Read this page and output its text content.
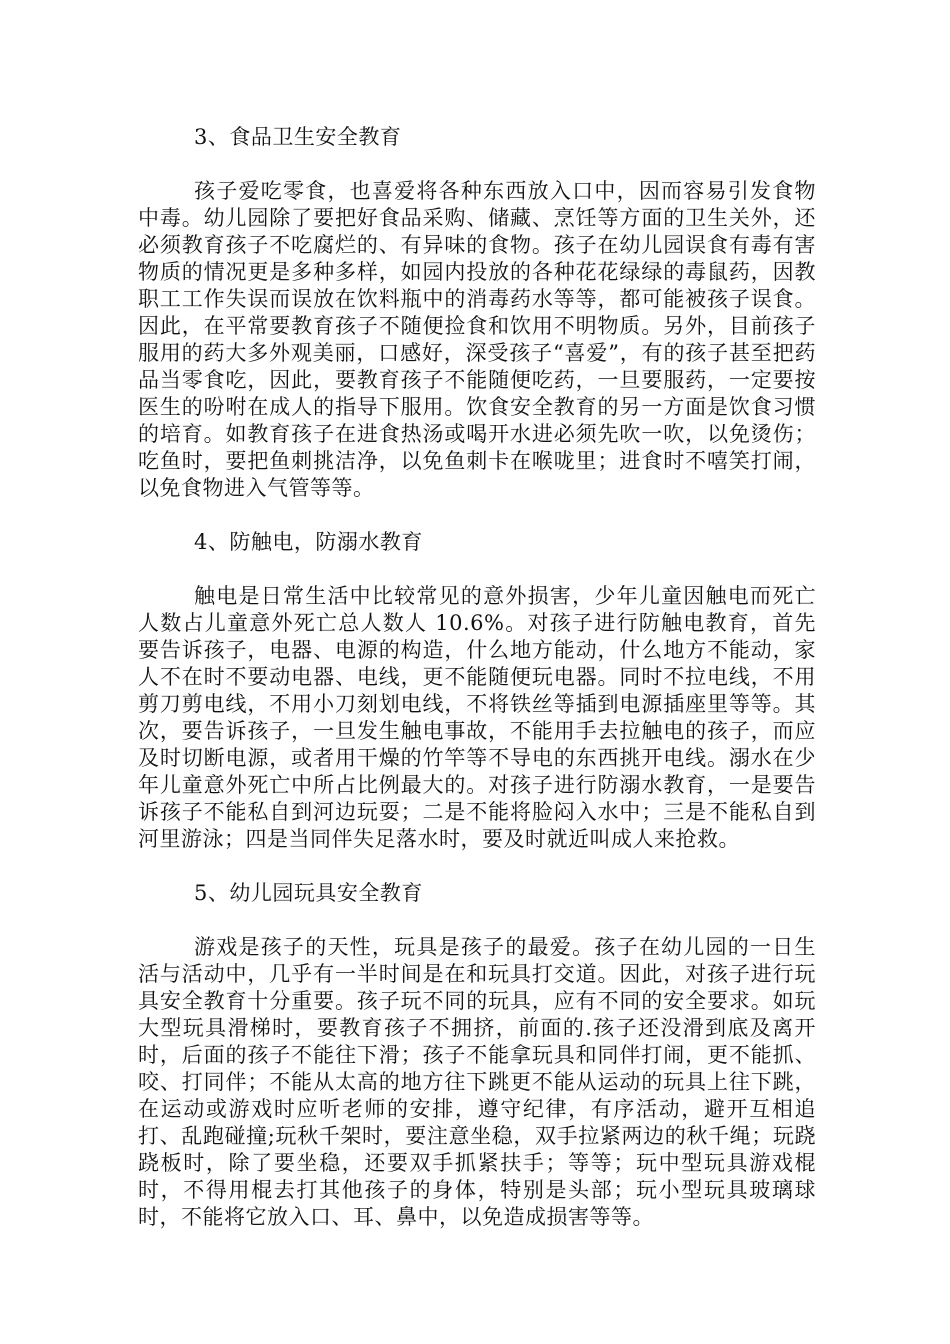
3、食品卫生安全教育

孩子爱吃零食，也喜爱将各种东西放入口中，因而容易引发食物中毒。幼儿园除了要把好食品采购、储藏、烹饪等方面的卫生关外，还必须教育孩子不吃腐烂的、有异味的食物。孩子在幼儿园误食有毒有害物质的情况更是多种多样，如园内投放的各种花花绿绿的毒鼠药，因教职工工作失误而误放在饮料瓶中的消毒药水等等，都可能被孩子误食。因此，在平常要教育孩子不随便捡食和饮用不明物质。另外，目前孩子服用的药大多外观美丽，口感好，深受孩子“喜爱”，有的孩子甚至把药品当零食吃，因此，要教育孩子不能随便吃药，一旦要服药，一定要按医生的吩咐在成人的指导下服用。饮食安全教育的另一方面是饮食习惯的培育。如教育孩子在进食热汤或喝开水进必须先吹一吹，以免烫伤；吃鱼时，要把鱼刺挑洁净，以免鱼刺卡在喉咙里；进食时不嘻笑打闹，以免食物进入气管等等。

4、防触电，防溺水教育

触电是日常生活中比较常见的意外损害，少年儿童因触电而死亡人数占儿童意外死亡总人数人 10.6%。对孩子进行防触电教育，首先要告诉孩子，电器、电源的构造，什么地方能动，什么地方不能动，家人不在时不要动电器、电线，更不能随便玩电器。同时不拉电线，不用剪刀剪电线，不用小刀刻划电线，不将铁丝等插到电源插座里等等。其次，要告诉孩子，一旦发生触电事故，不能用手去拉触电的孩子，而应及时切断电源，或者用干燥的竹竿等不导电的东西挑开电线。溺水在少年儿童意外死亡中所占比例最大的。对孩子进行防溺水教育，一是要告诉孩子不能私自到河边玩耍；二是不能将脸闷入水中；三是不能私自到河里游泳；四是当同伴失足落水时，要及时就近叫成人来抢救。

5、幼儿园玩具安全教育

游戏是孩子的天性，玩具是孩子的最爱。孩子在幼儿园的一日生活与活动中，几乎有一半时间是在和玩具打交道。因此，对孩子进行玩具安全教育十分重要。孩子玩不同的玩具，应有不同的安全要求。如玩大型玩具滑梯时，要教育孩子不拥挤，前面的.孩子还没滑到底及离开时，后面的孩子不能往下滑；孩子不能拿玩具和同伴打闹，更不能抓、咬、打同伴；不能从太高的地方往下跳更不能从运动的玩具上往下跳，在运动或游戏时应听老师的安排，遵守纪律，有序活动，避开互相追打、乱跑碰撞;玩秋千架时，要注意坐稳，双手拉紧两边的秋千绳；玩跷跷板时，除了要坐稳，还要双手抓紧扶手；等等；玩中型玩具游戏棍时，不得用棍去打其他孩子的身体，特别是头部；玩小型玩具玻璃球时，不能将它放入口、耳、鼻中，以免造成损害等等。
